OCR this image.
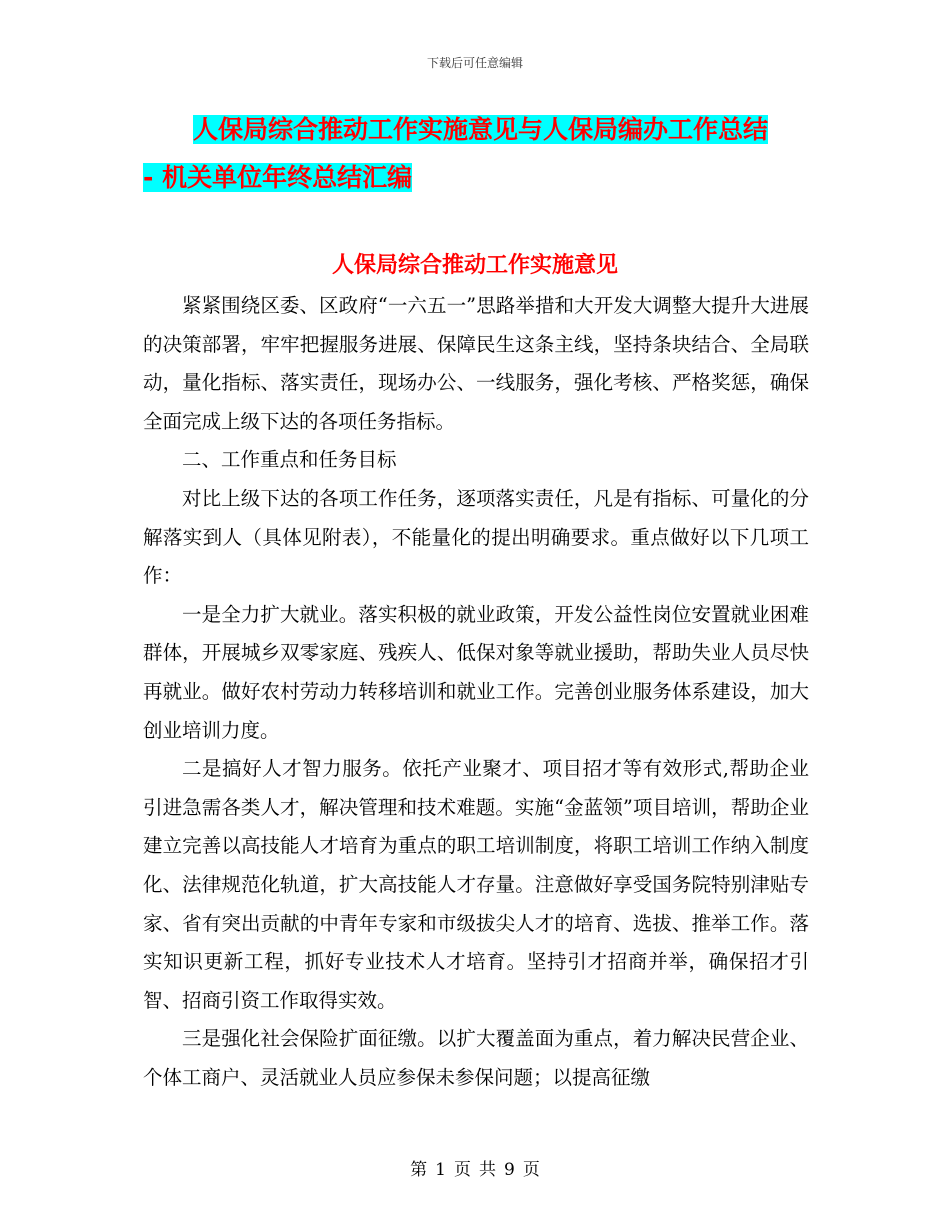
下载后可任意编辑
人保局综合推动工作实施意见与人保局编办工作总结
- 机关单位年终总结汇编
人保局综合推动工作实施意见

紧紧围绕区委、区政府“一六五一”思路举措和大开发大调整大提升大进展的决策部署，牢牢把握服务进展、保障民生这条主线，坚持条块结合、全局联动，量化指标、落实责任，现场办公、一线服务，强化考核、严格奖惩，确保全面完成上级下达的各项任务指标。

二、工作重点和任务目标

对比上级下达的各项工作任务，逐项落实责任，凡是有指标、可量化的分解落实到人（具体见附表），不能量化的提出明确要求。重点做好以下几项工作：

一是全力扩大就业。落实积极的就业政策，开发公益性岗位安置就业困难群体，开展城乡双零家庭、残疾人、低保对象等就业援助，帮助失业人员尽快再就业。做好农村劳动力转移培训和就业工作。完善创业服务体系建设，加大创业培训力度。

二是搞好人才智力服务。依托产业聚才、项目招才等有效形式,帮助企业引进急需各类人才，解决管理和技术难题。实施“金蓝领”项目培训，帮助企业建立完善以高技能人才培育为重点的职工培训制度，将职工培训工作纳入制度化、法律规范化轨道，扩大高技能人才存量。注意做好享受国务院特别津贴专家、省有突出贡献的中青年专家和市级拔尖人才的培育、选拔、推举工作。落实知识更新工程，抓好专业技术人才培育。坚持引才招商并举，确保招才引智、招商引资工作取得实效。

三是强化社会保险扩面征缴。以扩大覆盖面为重点，着力解决民营企业、个体工商户、灵活就业人员应参保未参保问题；以提高征缴

第 1 页 共 9 页
